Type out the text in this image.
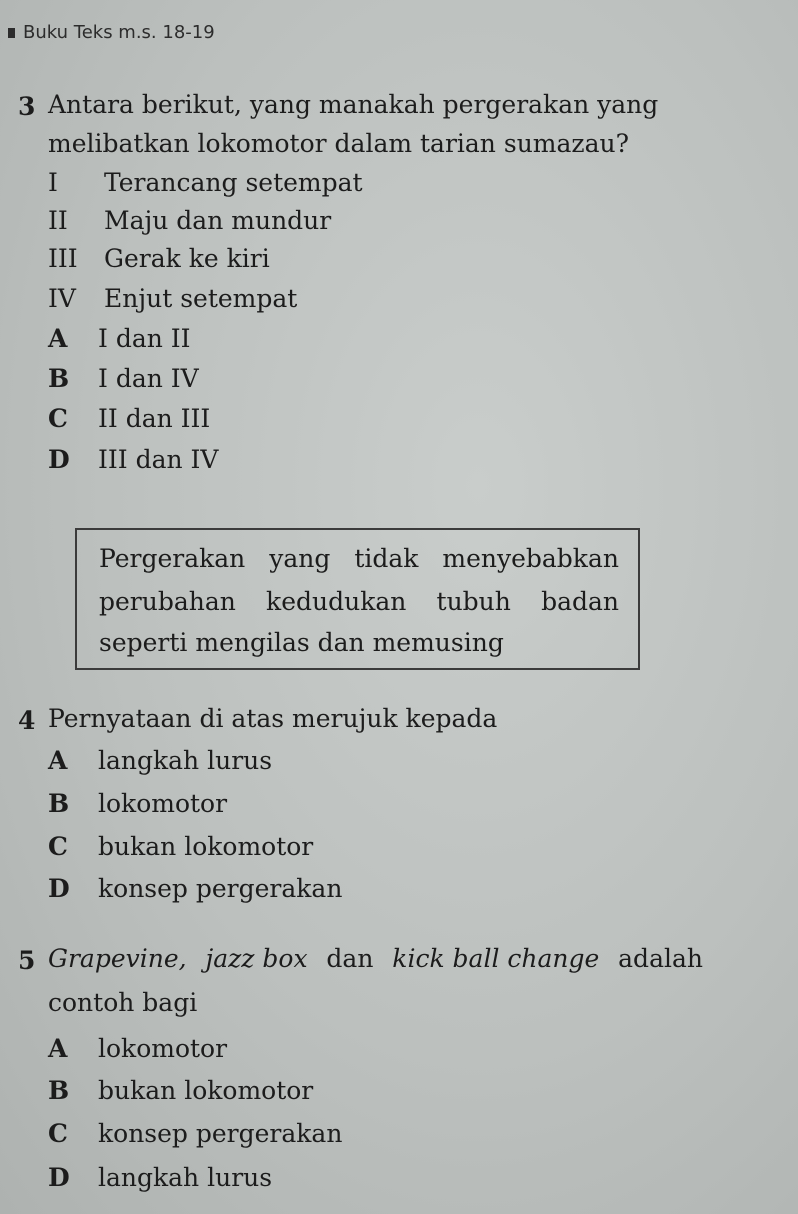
Buku Teks m.s. 18-19
3 Antara berikut, yang manakah pergerakan yang
melibatkan lokomotor dalam tarian sumazau?
I Terancang setempat
II Maju dan mundur
III Gerak ke kiri
IV Enjut setempat
A I dan II
B I dan IV
C II dan III
D III dan IV
Pergerakan yang tidak menyebabkan
perubahan kedudukan tubuh badan
seperti mengilas dan memusing
4 Pernyataan di atas merujuk kepada
A langkah lurus
B lokomotor
C bukan lokomotor
D konsep pergerakan
5 Grapevine, jazz box dan kick ball change adalah
contoh bagi
A lokomotor
B bukan lokomotor
C konsep pergerakan
D langkah lurus
